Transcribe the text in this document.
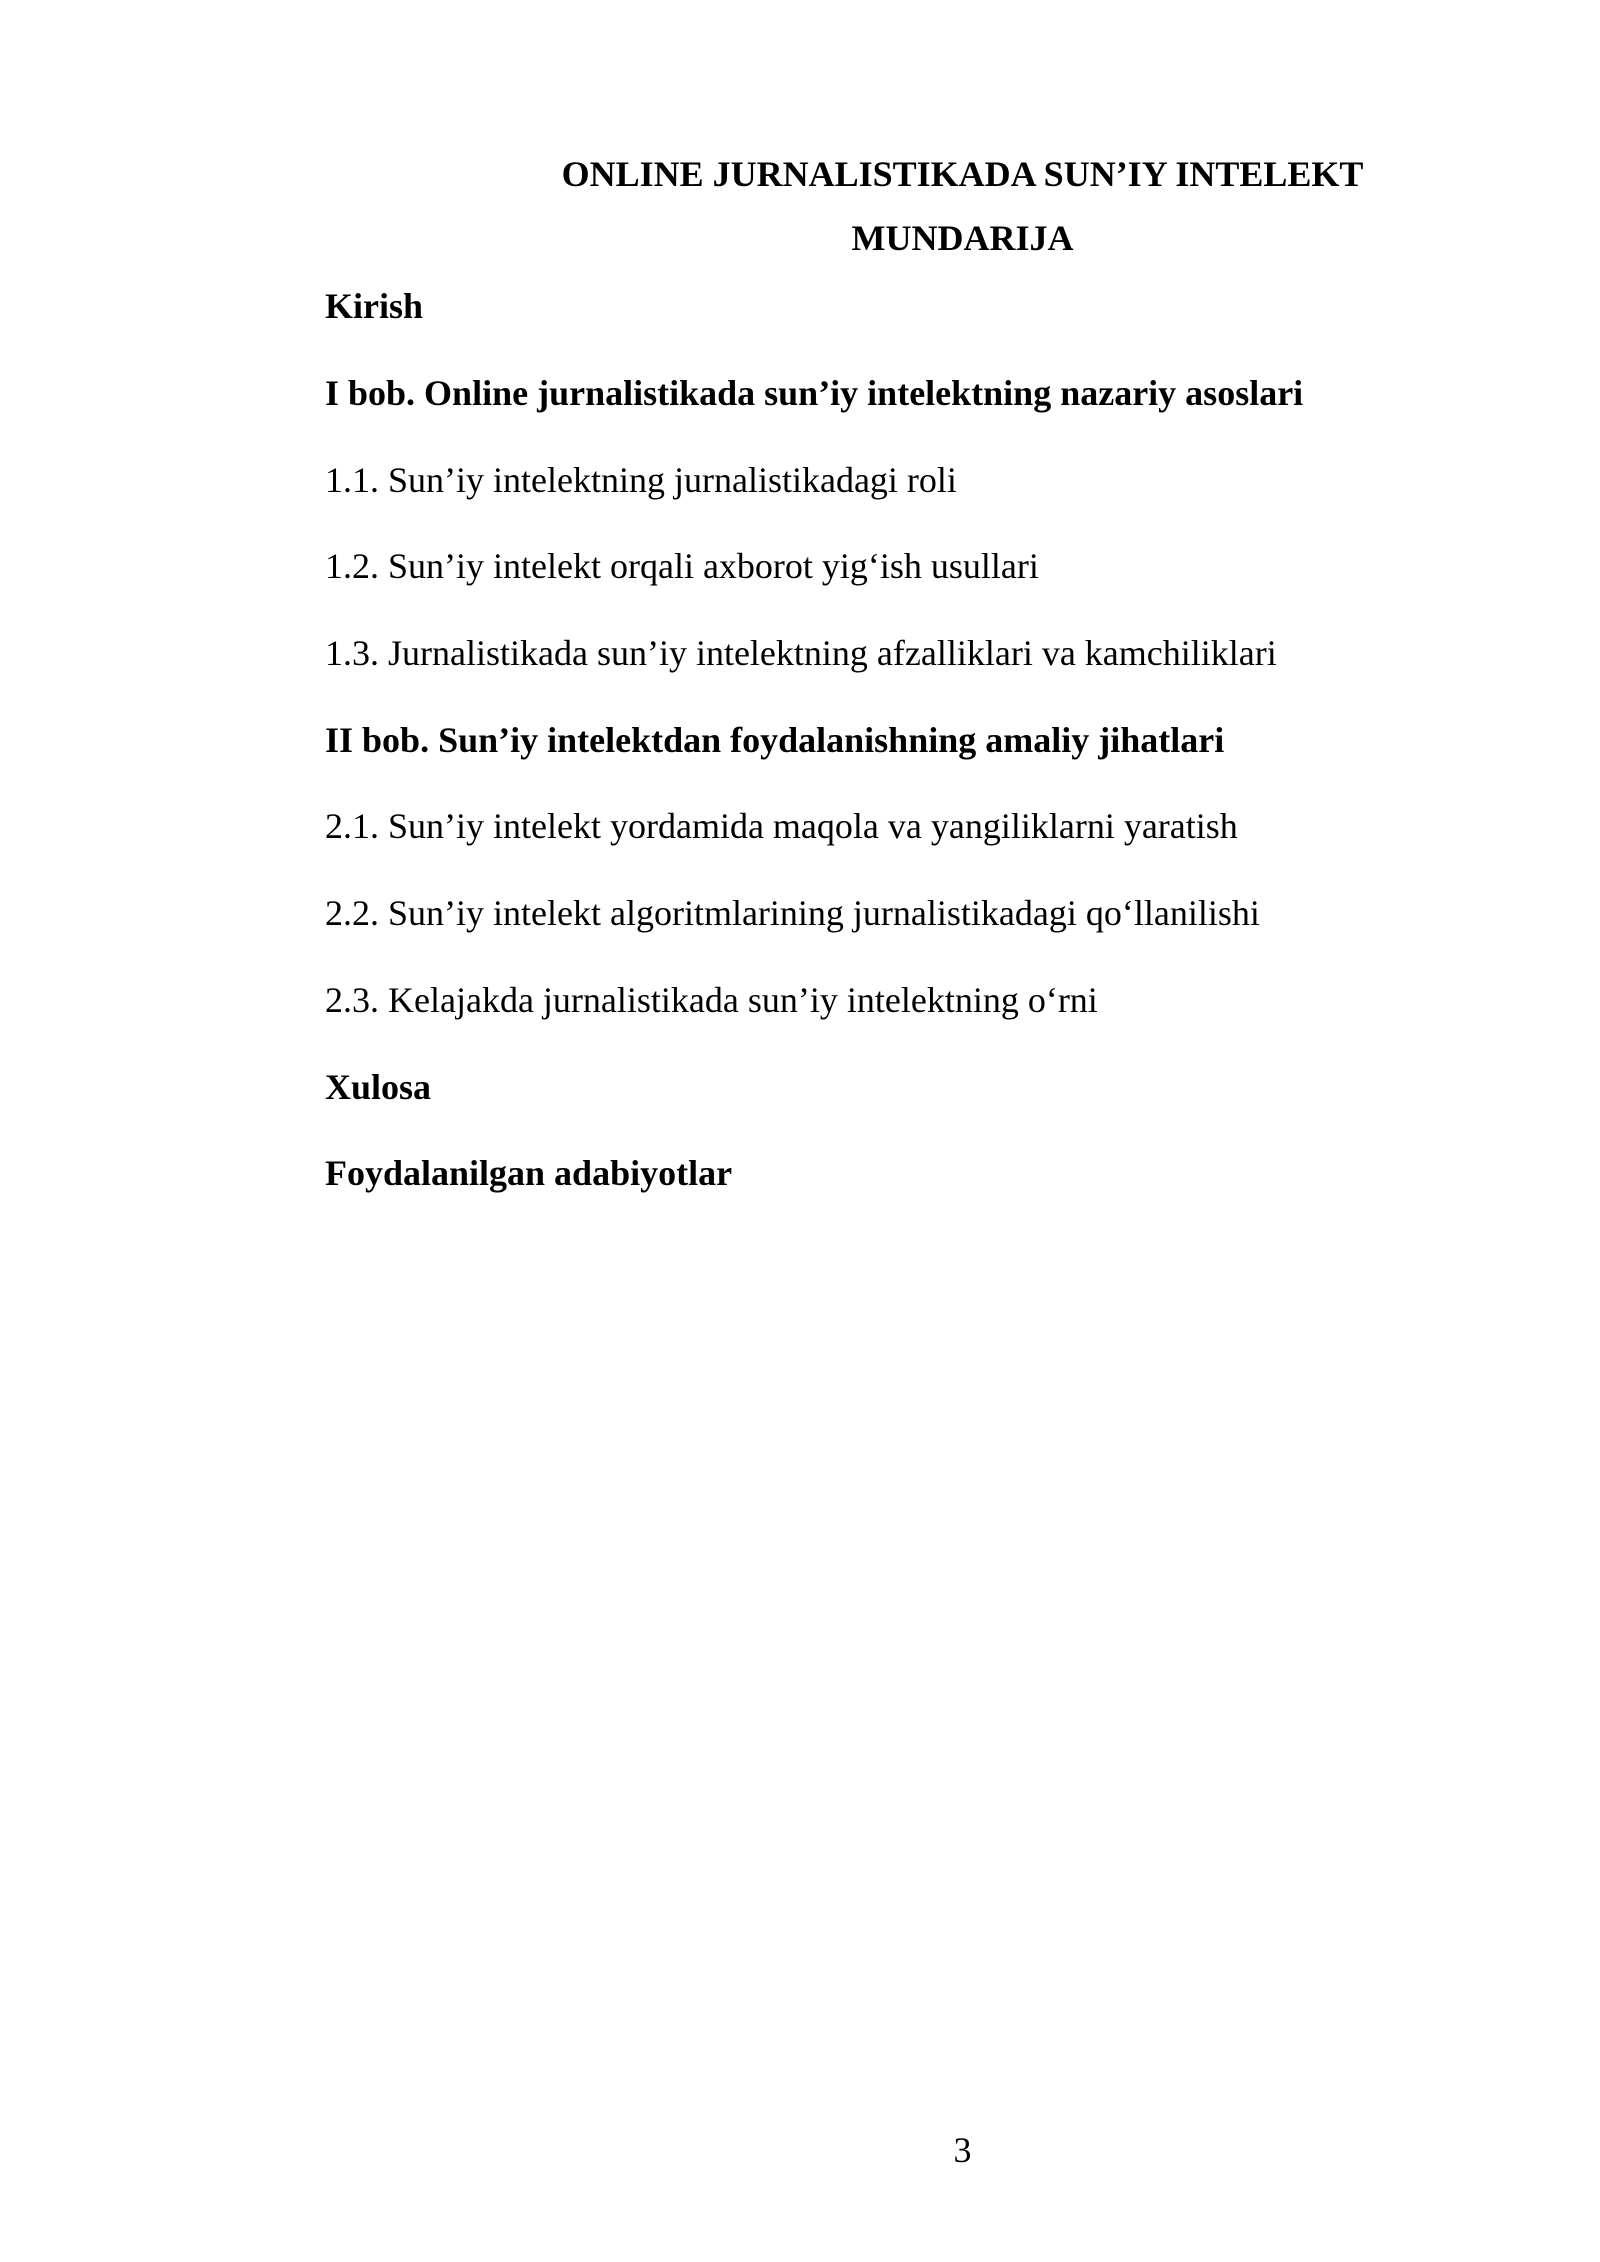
ONLINE JURNALISTIKADA SUN’IY INTELEKT
MUNDARIJA
Kirish
I bob. Online jurnalistikada sun’iy intelektning nazariy asoslari
1.1. Sun’iy intelektning jurnalistikadagi roli
1.2. Sun’iy intelekt orqali axborot yig‘ish usullari
1.3. Jurnalistikada sun’iy intelektning afzalliklari va kamchiliklari
II bob. Sun’iy intelektdan foydalanishning amaliy jihatlari
2.1. Sun’iy intelekt yordamida maqola va yangiliklarni yaratish
2.2. Sun’iy intelekt algoritmlarining jurnalistikadagi qo‘llanilishi
2.3. Kelajakda jurnalistikada sun’iy intelektning o‘rni
Xulosa
Foydalanilgan adabiyotlar
3
